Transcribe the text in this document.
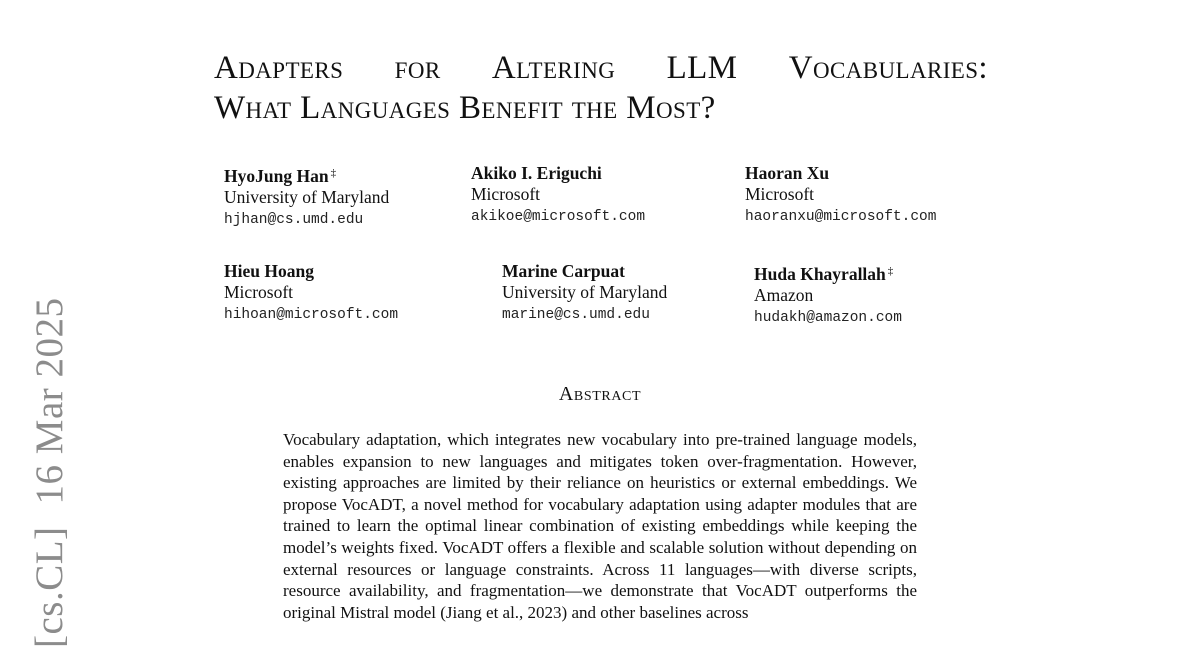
[cs.CL]16 Mar 2025
Adapters for Altering LLM Vocabularies:
What Languages Benefit the Most?
HyoJung Han ‡
University of Maryland
hjhan@cs.umd.edu
Akiko I. Eriguchi
Microsoft
akikoe@microsoft.com
Haoran Xu
Microsoft
haoranxu@microsoft.com
Hieu Hoang
Microsoft
hihoan@microsoft.com
Marine Carpuat
University of Maryland
marine@cs.umd.edu
Huda Khayrallah ‡
Amazon
hudakh@amazon.com
Abstract

Vocabulary adaptation, which integrates new vocabulary into pre-trained language models, enables expansion to new languages and mitigates token over-fragmentation. However, existing approaches are limited by their reliance on heuristics or external embeddings. We propose VocADT, a novel method for vocabulary adaptation using adapter modules that are trained to learn the optimal linear combination of existing embeddings while keeping the model’s weights fixed. VocADT offers a flexible and scalable solution without depending on external resources or language constraints. Across 11 languages—with diverse scripts, resource availability, and fragmentation—we demonstrate that VocADT outperforms the original Mistral model (Jiang et al., 2023) and other baselines across
